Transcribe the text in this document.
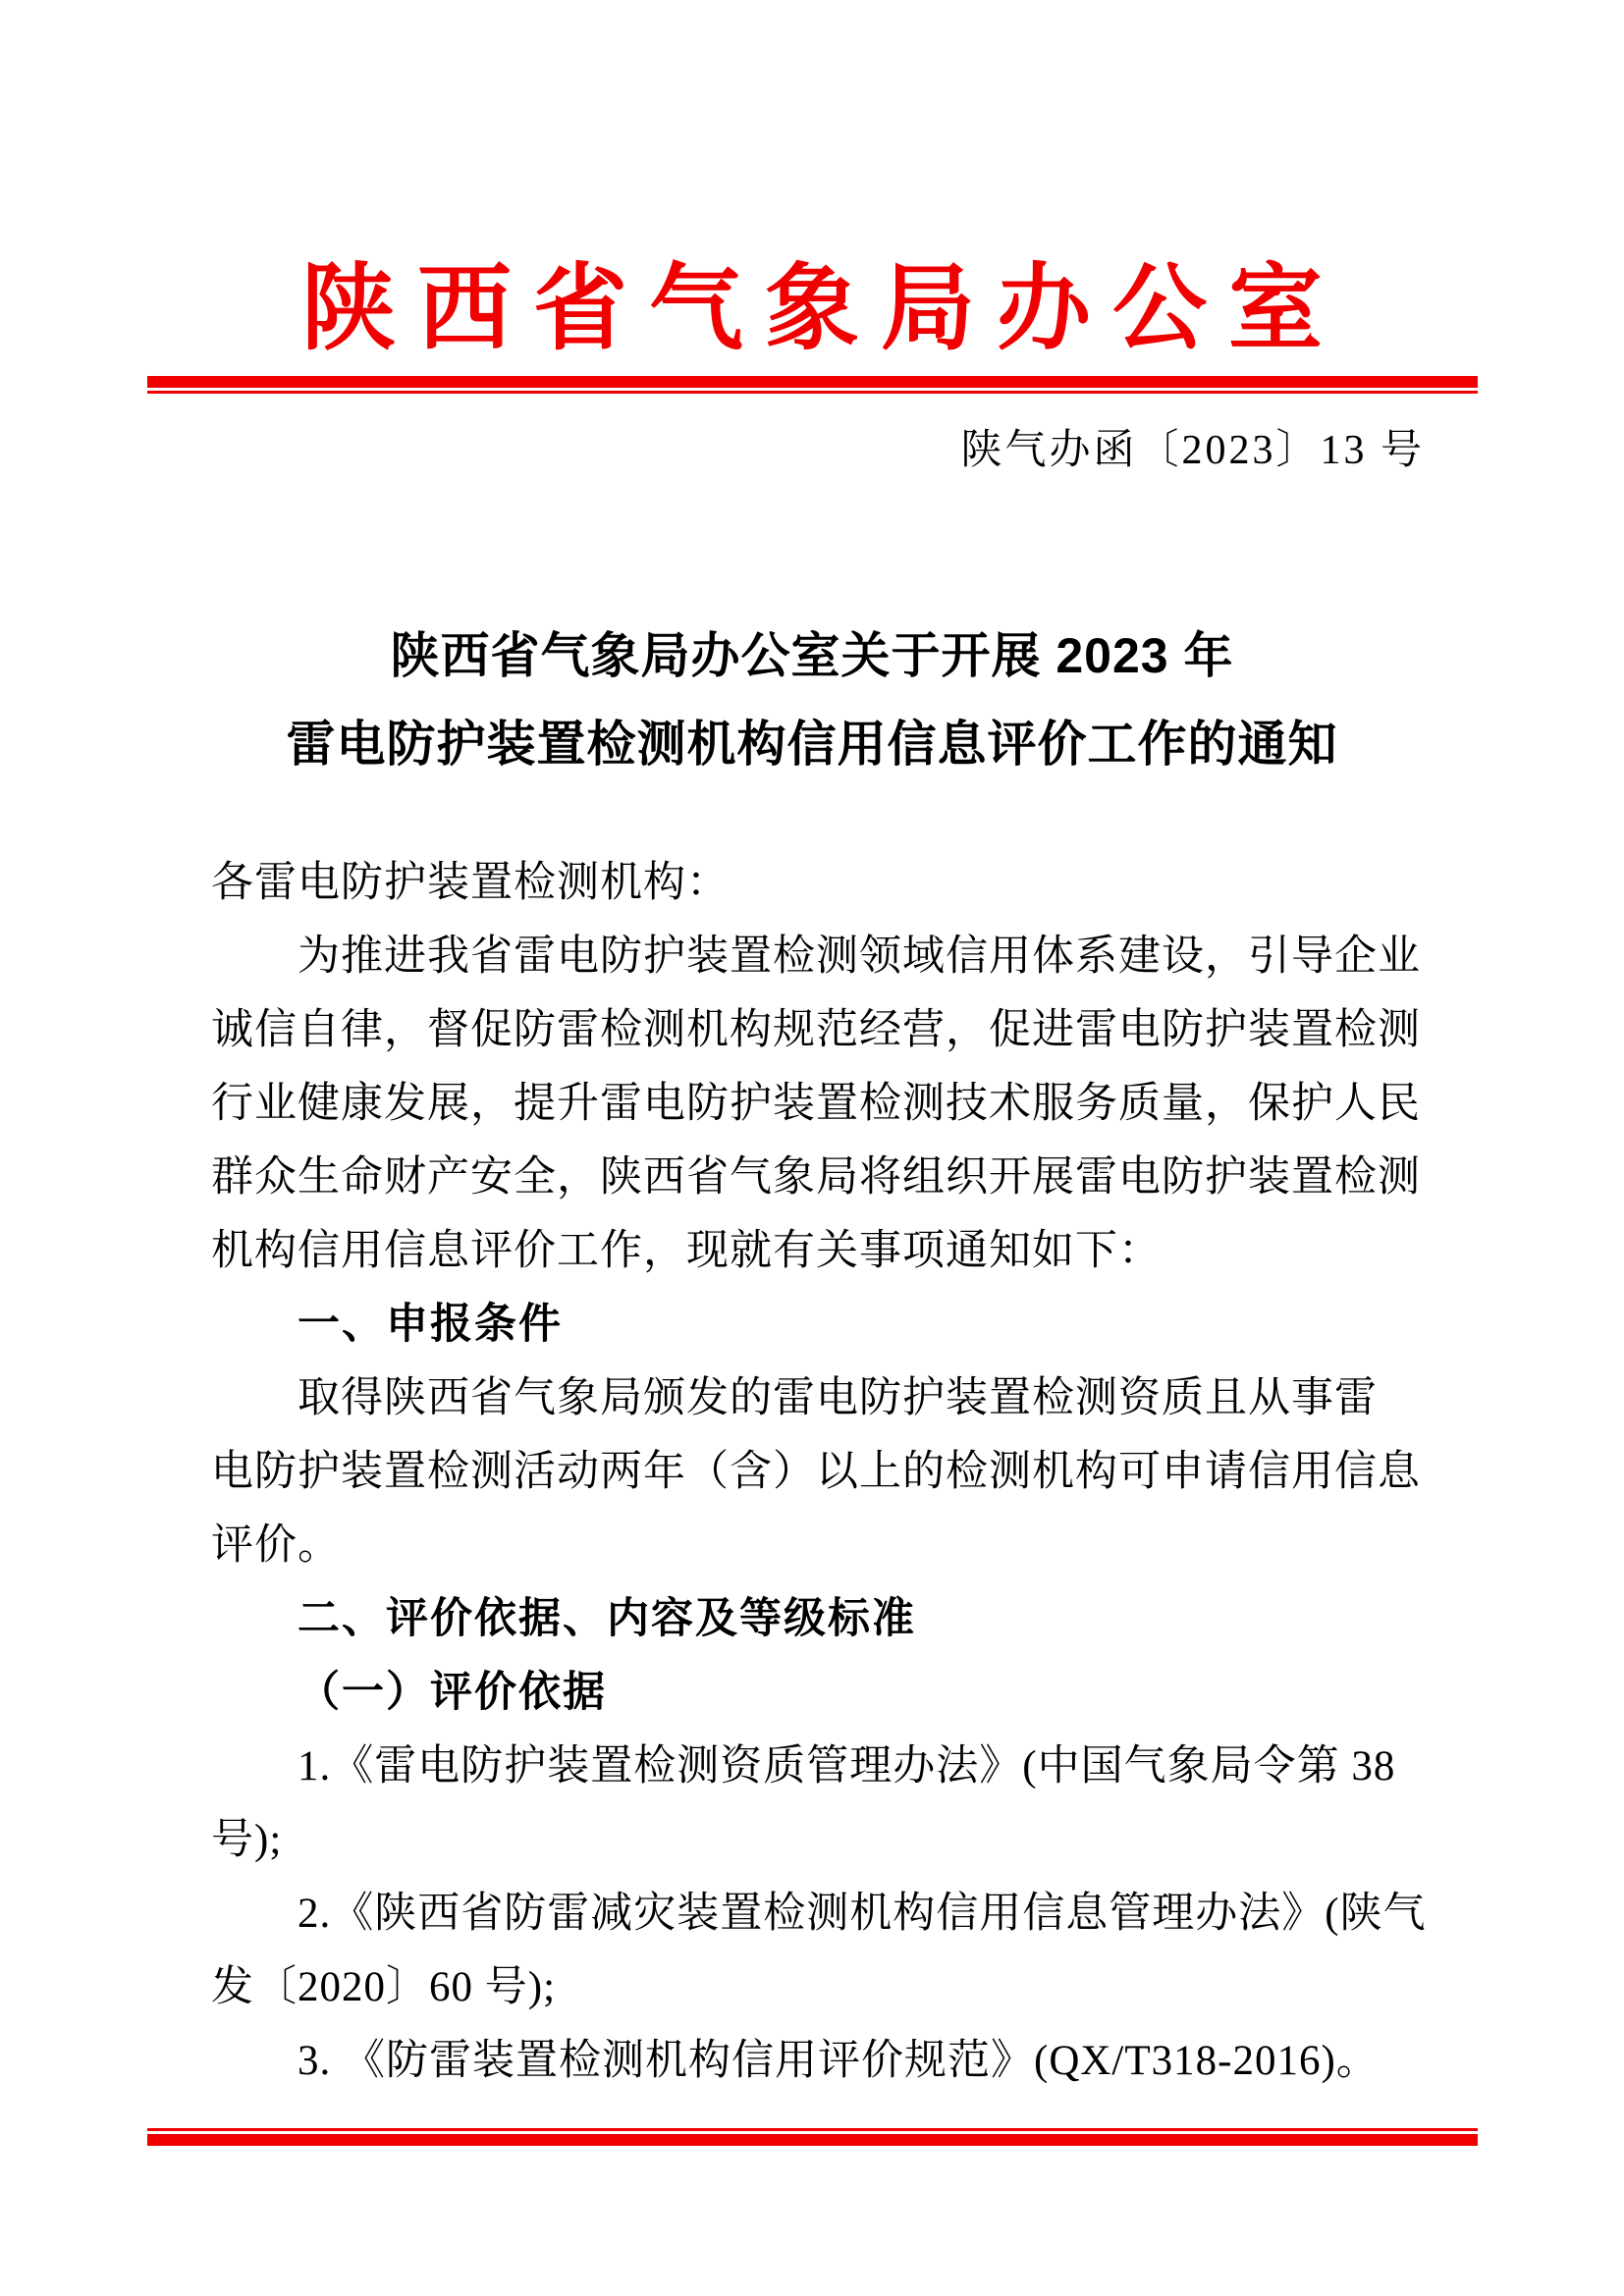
陕西省气象局办公室
陕气办函〔2023〕13 号
陕西省气象局办公室关于开展 2023 年
雷电防护装置检测机构信用信息评价工作的通知
各雷电防护装置检测机构：
为推进我省雷电防护装置检测领域信用体系建设，引导企业
诚信自律，督促防雷检测机构规范经营，促进雷电防护装置检测
行业健康发展，提升雷电防护装置检测技术服务质量，保护人民
群众生命财产安全，陕西省气象局将组织开展雷电防护装置检测
机构信用信息评价工作，现就有关事项通知如下：
一、申报条件
取得陕西省气象局颁发的雷电防护装置检测资质且从事雷
电防护装置检测活动两年（含）以上的检测机构可申请信用信息
评价。
二、评价依据、内容及等级标准
（一）评价依据
1.《雷电防护装置检测资质管理办法》(中国气象局令第 38
号);
2.《陕西省防雷减灾装置检测机构信用信息管理办法》(陕气
发〔2020〕60 号);
3. 《防雷装置检测机构信用评价规范》(QX/T318-2016)。
